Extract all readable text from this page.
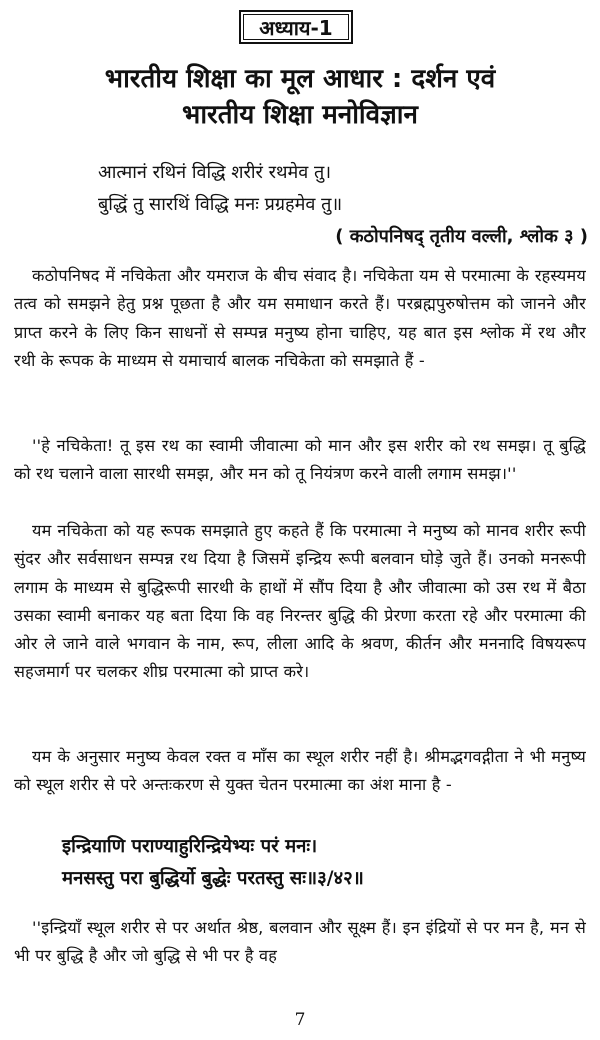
अध्याय-1
भारतीय शिक्षा का मूल आधार : दर्शन एवं
भारतीय शिक्षा मनोविज्ञान
आत्मानं रथिनं विद्धि शरीरं रथमेव तु।
बुद्धिं तु सारथिं विद्धि मनः प्रग्रहमेव तु॥
( कठोपनिषद् तृतीय वल्ली, श्लोक ३ )
कठोपनिषद में नचिकेता और यमराज के बीच संवाद है। नचिकेता यम से परमात्मा के रहस्यमय तत्व को समझने हेतु प्रश्न पूछता है और यम समाधान करते हैं। परब्रह्मपुरुषोत्तम को जानने और प्राप्त करने के लिए किन साधनों से सम्पन्न मनुष्य होना चाहिए, यह बात इस श्लोक में रथ और रथी के रूपक के माध्यम से यमाचार्य बालक नचिकेता को समझाते हैं -
''हे नचिकेता! तू इस रथ का स्वामी जीवात्मा को मान और इस शरीर को रथ समझ। तू बुद्धि को रथ चलाने वाला सारथी समझ, और मन को तू नियंत्रण करने वाली लगाम समझ।''
यम नचिकेता को यह रूपक समझाते हुए कहते हैं कि परमात्मा ने मनुष्य को मानव शरीर रूपी सुंदर और सर्वसाधन सम्पन्न रथ दिया है जिसमें इन्द्रिय रूपी बलवान घोड़े जुते हैं। उनको मनरूपी लगाम के माध्यम से बुद्धिरूपी सारथी के हाथों में सौंप दिया है और जीवात्मा को उस रथ में बैठा उसका स्वामी बनाकर यह बता दिया कि वह निरन्तर बुद्धि की प्रेरणा करता रहे और परमात्मा की ओर ले जाने वाले भगवान के नाम, रूप, लीला आदि के श्रवण, कीर्तन और मननादि विषयरूप सहजमार्ग पर चलकर शीघ्र परमात्मा को प्राप्त करे।
यम के अनुसार मनुष्य केवल रक्त व माँस का स्थूल शरीर नहीं है। श्रीमद्भगवद्गीता ने भी मनुष्य को स्थूल शरीर से परे अन्तःकरण से युक्त चेतन परमात्मा का अंश माना है -
इन्द्रियाणि पराण्याहुरिन्द्रियेभ्यः परं मनः।
मनसस्तु परा बुद्धिर्यो बुद्धेः परतस्तु सः॥३/४२॥
''इन्द्रियाँ स्थूल शरीर से पर अर्थात श्रेष्ठ, बलवान और सूक्ष्म हैं। इन इंद्रियों से पर मन है, मन से भी पर बुद्धि है और जो बुद्धि से भी पर है वह
7
